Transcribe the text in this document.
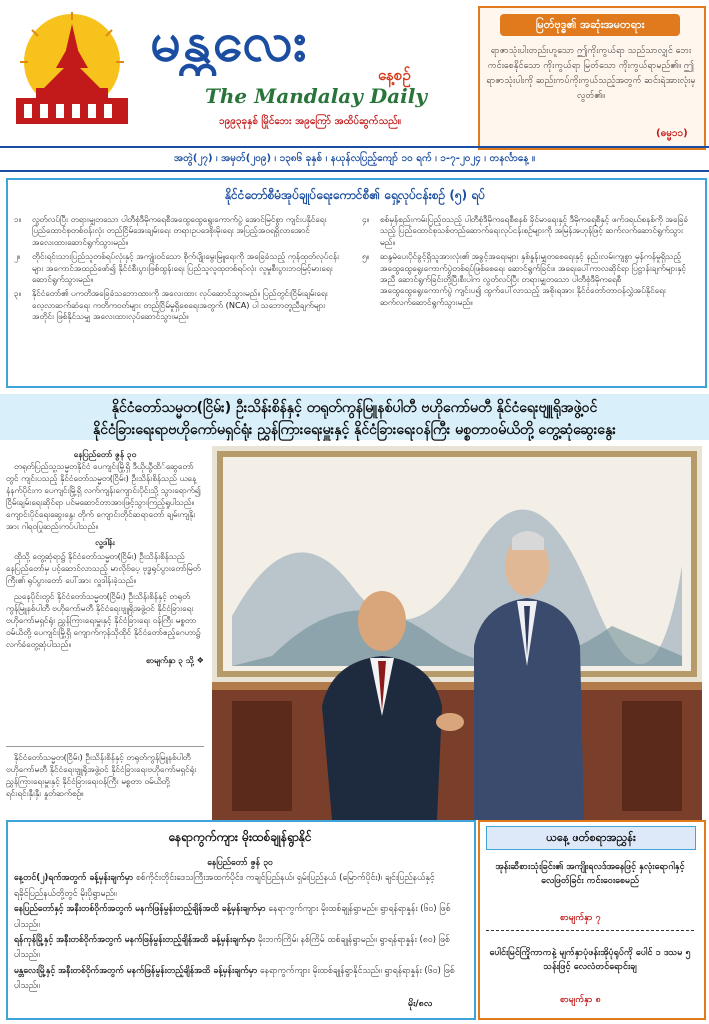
မန္တလေး
နေ့စဉ်
The Mandalay Daily
၁၉၉၃ခုနှစ် မြိုင်ဘေး အ၉ကြော် အထိပ်ဆွက်သည်။
မြတ်ဗုဒ္ဓ၏ အဆုံးအမတရား
ရာဇာသုံးပါးတည်းဟူသော ဤကိုးကွယ်ရာ သည်သာလျှင် ဘေးကင်းစေနိုင်သော ကိုးကွယ်ရာ မြတ်သော ကိုးကွယ်ရာမည်၏။ ဤရာဇာသုံးပါးကို ဆည်းကပ်ကိုးကွယ်သည့်အတွက် ဆင်းရဲအားလုံးမှ လွတ်၏။
(ဓမ္မ၁၁)
အတွဲ(၂၇) ၊ အမှတ်(၂၀၉) ၊ ၁၃၈၆ ခုနှစ် ၊ နယုန်လပြည့်ကျော် ၁၀ ရက် ၊ ၁-၇-၂၀၂၄ ၊ တနင်္လာနေ့ ။
နိုင်ငံတော်စီမံအုပ်ချုပ်ရေးကောင်စီ၏ ရှေ့လုပ်ငန်းစဉ် (၅) ရပ်
၁။	လွတ်လပ်ပြီး တရားမျှတသော ပါတီစုံဒီမိုကရေစီအထွေထွေရွေးကောက်ပွဲ အောင်မြင်စွာ ကျင်းပနိုင်ရေး ပြည်ထောင်စုတစ်ဝန်းလုံး တည်ငြိမ်အေးချမ်းရေး တရားဥပဒေစိုးမိုးရေး အပြည့်အဝရရှိလာအောင် အလေးထားဆောင်ရွက်သွားမည်။
၂။	တိုင်းရင်းသားပြည်သူတစ်ရပ်လုံးနှင့် အကျုံးဝင်သော စိုက်ပျိုးမွေးမြူရေးကို အခြေခံသည့် ကုန်ထုတ်လုပ်ငန်းများ အကောင်အထည်ဖော်၍ နိုင်ငံစီးပွားဖြစ်ထွန်းရေး ပြည်သူလူထုတစ်ရပ်လုံး လူမှုစီးပွားဘဝမြင့်မားရေး ဆောင်ရွက်သွားမည်။
၃။	နိုင်ငံတော်၏ ပကတိအခြေခံသဘောထားကို အလေးထား လုပ်ဆောင်သွားမည်။ ပြည်တွင်းငြိမ်းချမ်းရေး လေ့လာဆက်ဆံရေး ကတိကဝတ်များ တည်ငြိမ်မှုရှိစေရေးအတွက် (NCA) ပါ သဘောတူညီချက်များ အတိုင်း ဖြစ်နိုင်သမျှ အလေးထားလုပ်ဆောင်သွားမည်။
၄။	စစ်မှန်စည်းကမ်းပြည့်ဝသည့် ပါတီစုံဒီမိုကရေစီစနစ် ခိုင်မာရေးနှင့် ဒီမိုကရေစီနှင့် ဖက်ဒရယ်စနစ်ကို အခြေခံသည့် ပြည်ထောင်စုသစ်တည်ဆောက်ရေးလုပ်ငန်းစဉ်များကို အမြန်အဟုန်ဖြင့် ဆက်လက်ဆောင်ရွက်သွားမည်။
၅။	ဆန္ဒမဲပေးပိုင်ခွင့်ရှိသူအားလုံး၏ အခွင့်အရေးများ နှစ်နှုန်းမျှတစေရေးနှင့် နည်းလမ်းကျစွာ မှန်ကန်မှုရှိသည့် အထွေထွေရွေးကောက်ပွဲတစ်ရပ်ဖြစ်စေရေး ဆောင်ရွက်ခြင်း။ အရေးပေါ်ကာလဆိုင်ရာ ပြဋ္ဌာန်းချက်များနှင့်အညီ ဆောင်ရွက်ခြင်းတို့ပြီးစီးပါက လွတ်လပ်ပြီး တရားမျှတသော ပါတီစုံဒီမိုကရေစီ အထွေထွေရွေးကောက်ပွဲ ကျင်းပ၍ ထွက်ပေါ်လာသည့် အစိုးရအား နိုင်ငံတော်တာဝန်လွှဲအပ်နိုင်ရေး ဆက်လက်ဆောင်ရွက်သွားမည်။
နိုင်ငံတော်သမ္မတ(ငြိမ်း) ဦးသိန်းစိန်နှင့် တရုတ်ကွန်မြူနစ်ပါတီ ဗဟိုကော်မတီ နိုင်ငံရေးဗျူရိုအဖွဲ့ဝင်
နိုင်ငံခြားရေးရာဗဟိုကော်မရှင်ရုံး ညွှန်ကြားရေးမှူးနှင့် နိုင်ငံခြားရေးဝန်ကြီး မစ္စတာဝမ်ယိတို့ တွေ့ဆုံဆွေးနွေး
နေပြည်တော် ဇွန် ၃၀

တရုတ်ပြည်သူ့သမ္မတနိုင်ငံ ပေကျင်းမြို့ရှိ ဒီယိုယွီထိ်ဆွေတော်တွင် ကျင်းပသည့် နိုင်ငံတော်သမ္မတ(ငြိမ်း) ဦးသိန်းစိန်သည် ယနေ့နံနက်ပိုင်းက ပေကျင်းမြို့ရှိ လက်ကျန်းကျောင်းပိုင်းသို့ သွားရောက်၍ ငြိမ်းချမ်းရေးဆိုင်ရာ ပင်မဆောင်တာအားဖြင့်သွားကြည့်ရှုပါသည်။ ကျောင်းပိုင်ရေးဆွေးနွေး တိုက် ကျောင်းတိုင်ဆရာတော် ချမ်းကျနိုးအား ဂါရဝပြုဆည်းကပ်ပါသည်။

လူ့ဒါန်း

ထိုသို့ တွေ့ဆုံရာ၌ နိုင်ငံတော်သမ္မတ(ငြိမ်း) ဦးသိန်းစိန်သည် နေပြည်တော်မှ ပင့်ဆောင်လာသည့် မာလိုဗ်ပေ့ ဗုဒ္ဓရုပ်ပွားတော်မြတ်ကြီး၏ ရုပ်ပွားတော် ပေါ်အား လှူဒါန်းခဲ့သည်။

ညနေပိုင်းတွင် နိုင်ငံတော်သမ္မတ(ငြိမ်း) ဦးသိန်းစိန်နှင့် တရုတ်ကွန်မြူနစ်ပါတီ ဗဟိုကော်မတီ နိုင်ငံရေးဗျူရိုအဖွဲ့ဝင် နိုင်ငံခြားရေး ဗဟိုကော်မရှင်ရုံး ညွှန်ကြားရေးမှူးနှင့် နိုင်ငံခြားရေး ဝန်ကြီး မစ္စတာဝမ်ယိတို့ ပေကျင်းမြို့ရှိ ကျောက်ကုန်သိုထိုင် နိုင်ငံတော်ဧည့်ဂေဟာ၌ လက်ခံတွေ့ဆုံပါသည်။

စာမျက်နှာ ၃ သို့ ❖

နိုင်ငံတော်သမ္မတ(ငြိမ်း) ဦးသိန်းစိန်နှင့် တရုတ်ကွန်မြူနစ်ပါတီ ဗဟိုကော်မတီ နိုင်ငံရေးဗျူရိုအဖွဲ့ဝင် နိုင်ငံခြားရေးဗဟိုကော်မရှင်ရုံး ညွှန်ကြားရေးမှူးနှင့် နိုင်ငံခြားရေးဝန်ကြီး မစ္စတာ ဝမ်ယိတို့ ရင်းရင်းနှီးနှီး နှုတ်ဆက်စဉ်။

နေရာကွက်ကျား မိုးထစ်ချုန်ရွာနိုင်
နေပြည်တော် ဇွန် ၃၀
နေ့တင်(၂)ရက်အတွက် ခန့်မှန်းချက်မှာ စစ်ကိုင်းတိုင်းဒေသကြီးအထက်ပိုင်း၊ ကချင်ပြည်နယ်၊ ရှမ်းပြည်နယ် (မြောက်ပိုင်း)၊ ချင်းပြည်နယ်နှင့် ရခိုင်ပြည်နယ်တို့တွင် မိုးပိုရွာမည်။
နေပြည်တော်နှင့် အနီးတစ်ဝိုက်အတွက် မနက်ဖြန်မွန်းတည့်ချိန်အထိ ခန့်မှန်းချက်မှာ နေရာကွက်ကျား မိုးထစ်ချုန်ရွာမည်။ ရွာရန်ရာနှုန်း (၆၀) ဖြစ်ပါသည်။
ရန်ကုန်မြို့နှင့် အနီးတစ်ဝိုက်အတွက် မနက်ဖြန်မွန်းတည့်ချိန်အထိ ခန့်မှန်းချက်မှာ မိုးဘက်ကြိမ်၊ နစ်ကြိမ် ထစ်ချုန်ရွာမည်။ ရွာရန်ရာနှုန်း (၈၀) ဖြစ်ပါသည်။
မန္တလေးမြို့နှင့် အနီးတစ်ဝိုက်အတွက် မနက်ဖြန်မွန်းတည့်ချိန်အထိ ခန့်မှန်းချက်မှာ နေရာကွက်ကျား မိုးထစ်ချုန်ရွာနိုင်သည်။ ရွာရန်ရာနှုန်း (၆၀) ဖြစ်ပါသည်။
မိုး/၈လ
ယနေ့ ဖတ်စရာအညွှန်း
အုန်းဆီစားသုံးခြင်း၏ အကျိုးရလဒ်အနေဖြင့် နှလုံးရောဂါနှင့် လေဖြတ်ခြင်း ကင်းဝေးစေမည်
စာမျက်နှာ ၇
ပေါင်းမြင်ကြိုကာကနဲ့ မျက်နှာပုံဖန်းအိုပုံရုပ်ကို ပေါင် ၁ ဒသမ ၅ သန်းဖြင့် လေလံတင်ရောင်းချ
စာမျက်နှာ ၈
